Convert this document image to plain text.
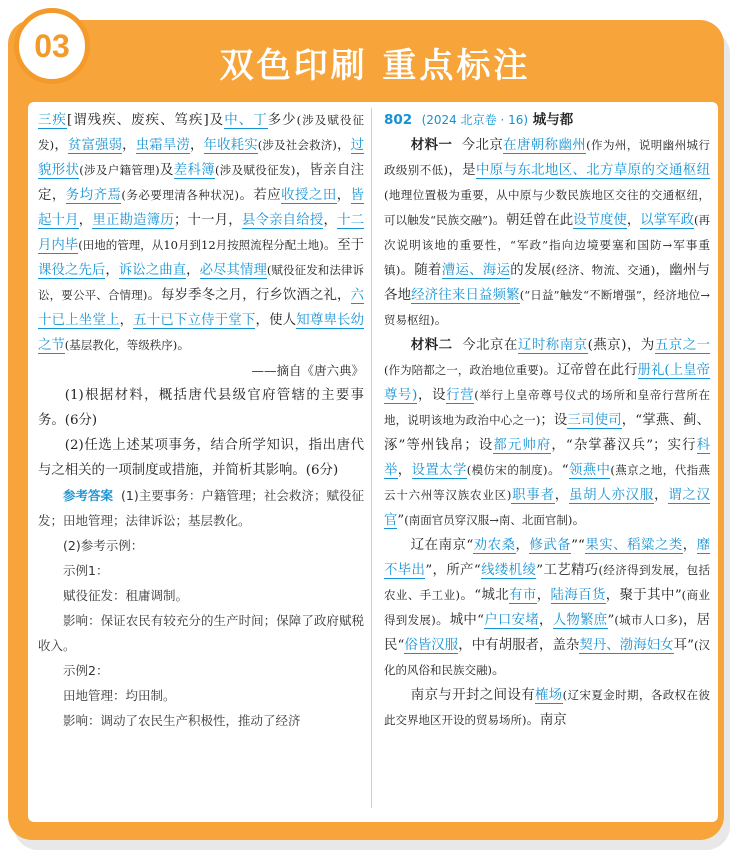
03
双色印刷 重点标注

三疾[谓残疾、废疾、笃疾]及中、丁多少(涉及赋役征发)，贫富强弱，虫霜旱涝，年收耗实(涉及社会救济)，过貌形状(涉及户籍管理)及差科簿(涉及赋役征发)，皆亲自注定，务均齐焉(务必要理清各种状况)。若应收授之田，皆起十月，里正勘造簿历；十一月，县令亲自给授，十二月内毕(田地的管理，从10月到12月按照流程分配土地)。至于课役之先后，诉讼之曲直，必尽其情理(赋役征发和法律诉讼，要公平、合情理)。每岁季冬之月，行乡饮酒之礼，六十已上坐堂上，五十已下立侍于堂下，使人知尊卑长幼之节(基层教化，等级秩序)。

——摘自《唐六典》

(1)根据材料，概括唐代县级官府管辖的主要事务。(6分)

(2)任选上述某项事务，结合所学知识，指出唐代与之相关的一项制度或措施，并简析其影响。(6分)

参考答案 (1)主要事务：户籍管理；社会救济；赋役征发；田地管理；法律诉讼；基层教化。

(2)参考示例：

示例1：

赋役征发：租庸调制。

影响：保证农民有较充分的生产时间；保障了政府赋税收入。

示例2：

田地管理：均田制。

影响：调动了农民生产积极性，推动了经济

802 (2024 北京卷 · 16) 城与都

材料一 今北京在唐朝称幽州(作为州，说明幽州城行政级别不低)，是中原与东北地区、北方草原的交通枢纽(地理位置极为重要，从中原与少数民族地区交往的交通枢纽，可以触发“民族交融”)。朝廷曾在此设节度使，以掌军政(再次说明该地的重要性，“军政”指向边境要塞和国防→军事重镇)。随着漕运、海运的发展(经济、物流、交通)，幽州与各地经济往来日益频繁(“日益”触发“不断增强”，经济地位→贸易枢纽)。

材料二 今北京在辽时称南京(燕京)，为五京之一(作为陪都之一，政治地位重要)。辽帝曾在此行册礼(上皇帝尊号)，设行营(举行上皇帝尊号仪式的场所和皇帝行营所在地，说明该地为政治中心之一)；设三司使司，“掌燕、蓟、涿”等州钱帛；设都元帅府，“杂掌蕃汉兵”；实行科举，设置太学(模仿宋的制度)。“领燕中(燕京之地，代指燕云十六州等汉族农业区)职事者，虽胡人亦汉服，谓之汉官”(南面官员穿汉服→南、北面官制)。

辽在南京“劝农桑，修武备”“果实、稻粱之类，靡不毕出”，所产“线缕机绫”工艺精巧(经济得到发展，包括农业、手工业)。“城北有市，陆海百货，聚于其中”(商业得到发展)。城中“户口安堵，人物繁庶”(城市人口多)，居民“俗皆汉服，中有胡服者，盖杂契丹、渤海妇女耳”(汉化的风俗和民族交融)。

南京与开封之间设有榷场(辽宋夏金时期，各政权在彼此交界地区开设的贸易场所)。南京
